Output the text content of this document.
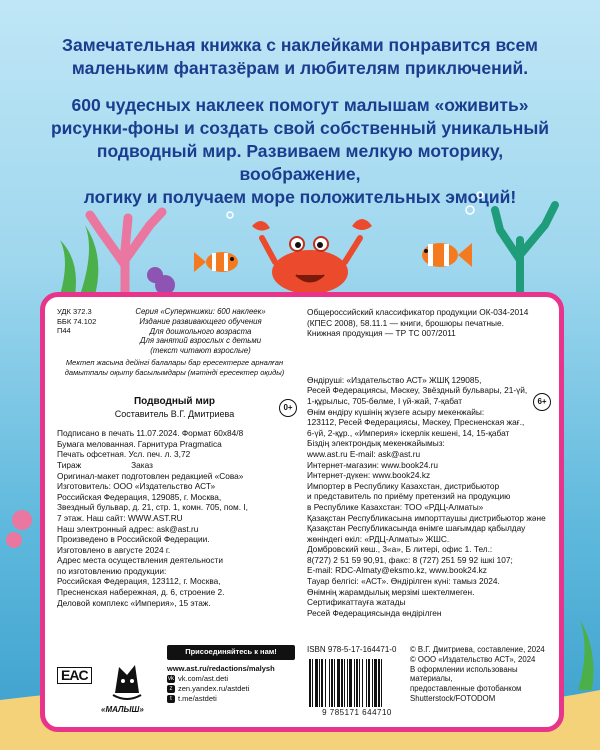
Замечательная книжка с наклейками понравится всем
маленьким фантазёрам и любителям приключений.

600 чудесных наклеек помогут малышам «оживить»
рисунки-фоны и создать свой собственный уникальный
подводный мир. Развиваем мелкую моторику, воображение,
логику и получаем море положительных эмоций!

УДК 372.3
ББК 74.102
П44
Серия «Суперкнижки: 600 наклеек»
Издание развивающего обучения
Для дошкольного возраста
Для занятий взрослых с детьми
(текст читают взрослые)
Мектеп жасына дейінгі балалары бар ересектерге арналған
дамытпалы оқыту басылымдары (мәтінді ересектер оқиды)
Подводный мир
Составитель В.Г. Дмитриева
0+
Подписано в печать 11.07.2024. Формат 60x84/8
Бумага мелованная. Гарнитура Pragmatica
Печать офсетная. Усл. печ. л. 3,72
Тираж	Заказ
Оригинал-макет подготовлен редакцией «Сова»
Изготовитель: ООО «Издательство АСТ»
Российская Федерация, 129085, г. Москва,
Звездный бульвар, д. 21, стр. 1, комн. 705, пом. I,
7 этаж. Наш сайт: WWW.AST.RU
Наш электронный адрес: ask@ast.ru
Произведено в Российской Федерации.
Изготовлено в августе 2024 г.
Адрес места осуществления деятельности
по изготовлению продукции:
Российская Федерация, 123112, г. Москва,
Пресненская набережная, д. 6, строение 2.
Деловой комплекс «Империя», 15 этаж.
Общероссийский классификатор продукции ОК-034-2014
(КПЕС 2008), 58.11.1 — книги, брошюры печатные.
Книжная продукция — ТР ТС 007/2011
6+
Өндіруші: «Издательство АСТ» ЖШҚ 129085,
Ресей Федерациясы, Мәскеу, Звёздный бульвары, 21-үй,
1-құрылыс, 705-бөлме, I үй-жай, 7-қабат
Өнім өндіру күшінің жүзеге асыру мекенжайы:
123112, Ресей Федерациясы, Мәскеу, Пресненская жағ.,
6-үй, 2-құр., «Империя» іскерлік кешені, 14, 15-қабат
Біздің электрондық мекенжайымыз:
www.ast.ru E-mail: ask@ast.ru
Интернет-магазин: www.book24.ru
Интернет-дүкен: www.book24.kz
Импортер в Республику Казахстан, дистрибьютор
и представитель по приёму претензий на продукцию
в Республике Казахстан: ТОО «РДЦ-Алматы»
Қазақстан Республикасына импорттаушы дистрибьютор және
Қазақстан Республикасында өнімге шағымдар қабылдау
жөніндегі өкіл: «РДЦ-Алматы» ЖШС.
Домбровский көш., 3«а», Б литері, офис 1. Тел.:
8(727) 2 51 59 90,91, факс: 8 (727) 251 59 92 ішкі 107;
E-mail: RDC-Almaty@eksmo.kz, www.book24.kz
Тауар белгісі: «АСТ». Өндірілген күні: тамыз 2024.
Өнімнің жарамдылық мерзімі шектелмеген.
Сертификаттауға жатады
Ресей Федерациясында өндірілген
EAC
«МАЛЫШ»
Присоединяйтесь к нам!
www.ast.ru/redactions/malysh
vk vk.com/ast.deti
z zen.yandex.ru/astdeti
t t.me/astdeti
ISBN 978-5-17-164471-0
9 785171 644710
© В.Г. Дмитриева, составление, 2024
© ООО «Издательство АСТ», 2024
В оформлении использованы материалы,
предоставленные фотобанком
Shutterstock/FOTODOM
